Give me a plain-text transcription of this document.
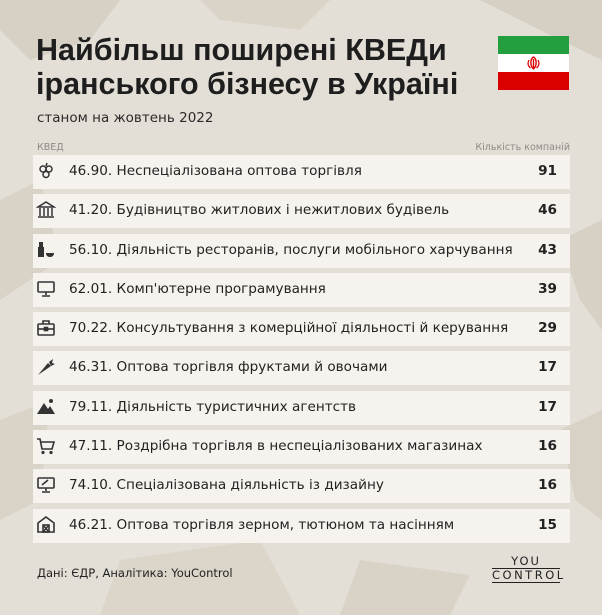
Найбільш поширені КВЕДи іранського бізнесу в Україні
станом на жовтень 2022
КВЕД	Кількість компаній
46.90. Неспеціалізована оптова торгівля	91
41.20. Будівництво житлових і нежитлових будівель	46
56.10. Діяльність ресторанів, послуги мобільного харчування 43
62.01. Комп'ютерне програмування	39
70.22. Консультування з комерційної діяльності й керування 29
46.31. Оптова торгівля фруктами й овочами	17
79.11. Діяльність туристичних агентств	17
47.11. Роздрібна торгівля в неспеціалізованих магазинах	16
74.10. Спеціалізована діяльність із дизайну	16
46.21. Оптова торгівля зерном, тютюном та насінням	15
Дані: ЄДР, Аналітика: YouControl
YOU
CONTROL
